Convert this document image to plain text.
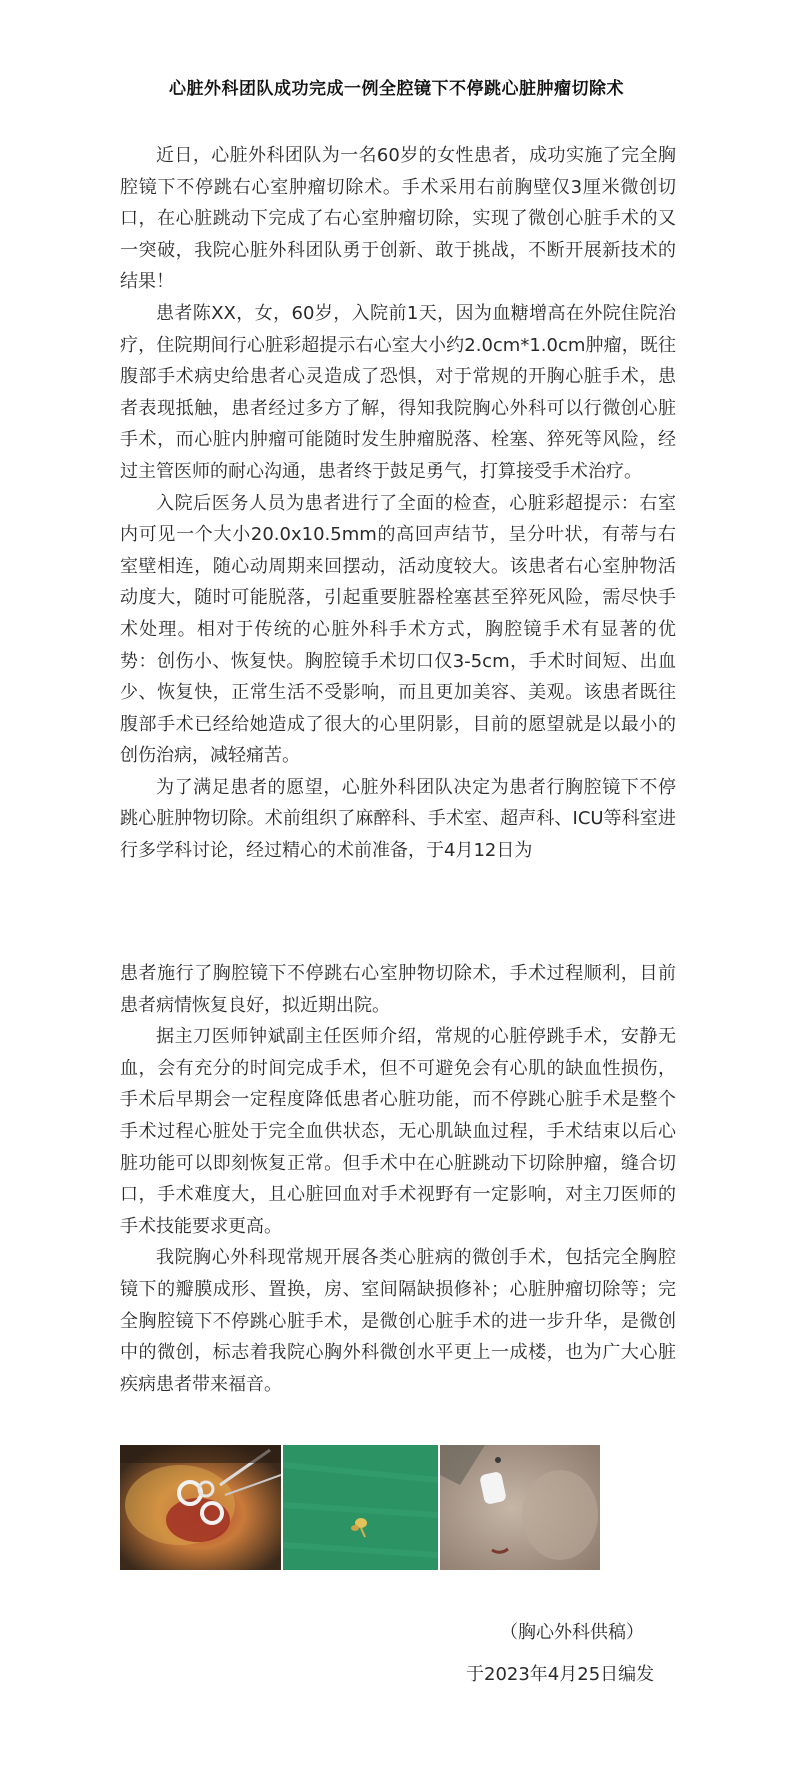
心脏外科团队成功完成一例全腔镜下不停跳心脏肿瘤切除术

近日，心脏外科团队为一名60岁的女性患者，成功实施了完全胸腔镜下不停跳右心室肿瘤切除术。手术采用右前胸壁仅3厘米微创切口，在心脏跳动下完成了右心室肿瘤切除，实现了微创心脏手术的又一突破，我院心脏外科团队勇于创新、敢于挑战，不断开展新技术的结果！

患者陈XX，女，60岁，入院前1天，因为血糖增高在外院住院治疗，住院期间行心脏彩超提示右心室大小约2.0cm*1.0cm肿瘤，既往腹部手术病史给患者心灵造成了恐惧，对于常规的开胸心脏手术，患者表现抵触，患者经过多方了解，得知我院胸心外科可以行微创心脏手术，而心脏内肿瘤可能随时发生肿瘤脱落、栓塞、猝死等风险，经过主管医师的耐心沟通，患者终于鼓足勇气，打算接受手术治疗。

入院后医务人员为患者进行了全面的检查，心脏彩超提示：右室内可见一个大小20.0x10.5mm的高回声结节，呈分叶状，有蒂与右室壁相连，随心动周期来回摆动，活动度较大。该患者右心室肿物活动度大，随时可能脱落，引起重要脏器栓塞甚至猝死风险，需尽快手术处理。相对于传统的心脏外科手术方式，胸腔镜手术有显著的优势：创伤小、恢复快。胸腔镜手术切口仅3-5cm，手术时间短、出血少、恢复快，正常生活不受影响，而且更加美容、美观。该患者既往腹部手术已经给她造成了很大的心里阴影，目前的愿望就是以最小的创伤治病，减轻痛苦。

为了满足患者的愿望，心脏外科团队决定为患者行胸腔镜下不停跳心脏肿物切除。术前组织了麻醉科、手术室、超声科、ICU等科室进行多学科讨论，经过精心的术前准备，于4月12日为

患者施行了胸腔镜下不停跳右心室肿物切除术，手术过程顺利，目前患者病情恢复良好，拟近期出院。

据主刀医师钟斌副主任医师介绍，常规的心脏停跳手术，安静无血，会有充分的时间完成手术，但不可避免会有心肌的缺血性损伤，手术后早期会一定程度降低患者心脏功能，而不停跳心脏手术是整个手术过程心脏处于完全血供状态，无心肌缺血过程，手术结束以后心脏功能可以即刻恢复正常。但手术中在心脏跳动下切除肿瘤，缝合切口，手术难度大，且心脏回血对手术视野有一定影响，对主刀医师的手术技能要求更高。

我院胸心外科现常规开展各类心脏病的微创手术，包括完全胸腔镜下的瓣膜成形、置换，房、室间隔缺损修补；心脏肿瘤切除等；完全胸腔镜下不停跳心脏手术，是微创心脏手术的进一步升华，是微创中的微创，标志着我院心胸外科微创水平更上一成楼，也为广大心脏疾病患者带来福音。

（胸心外科供稿）
于2023年4月25日编发
